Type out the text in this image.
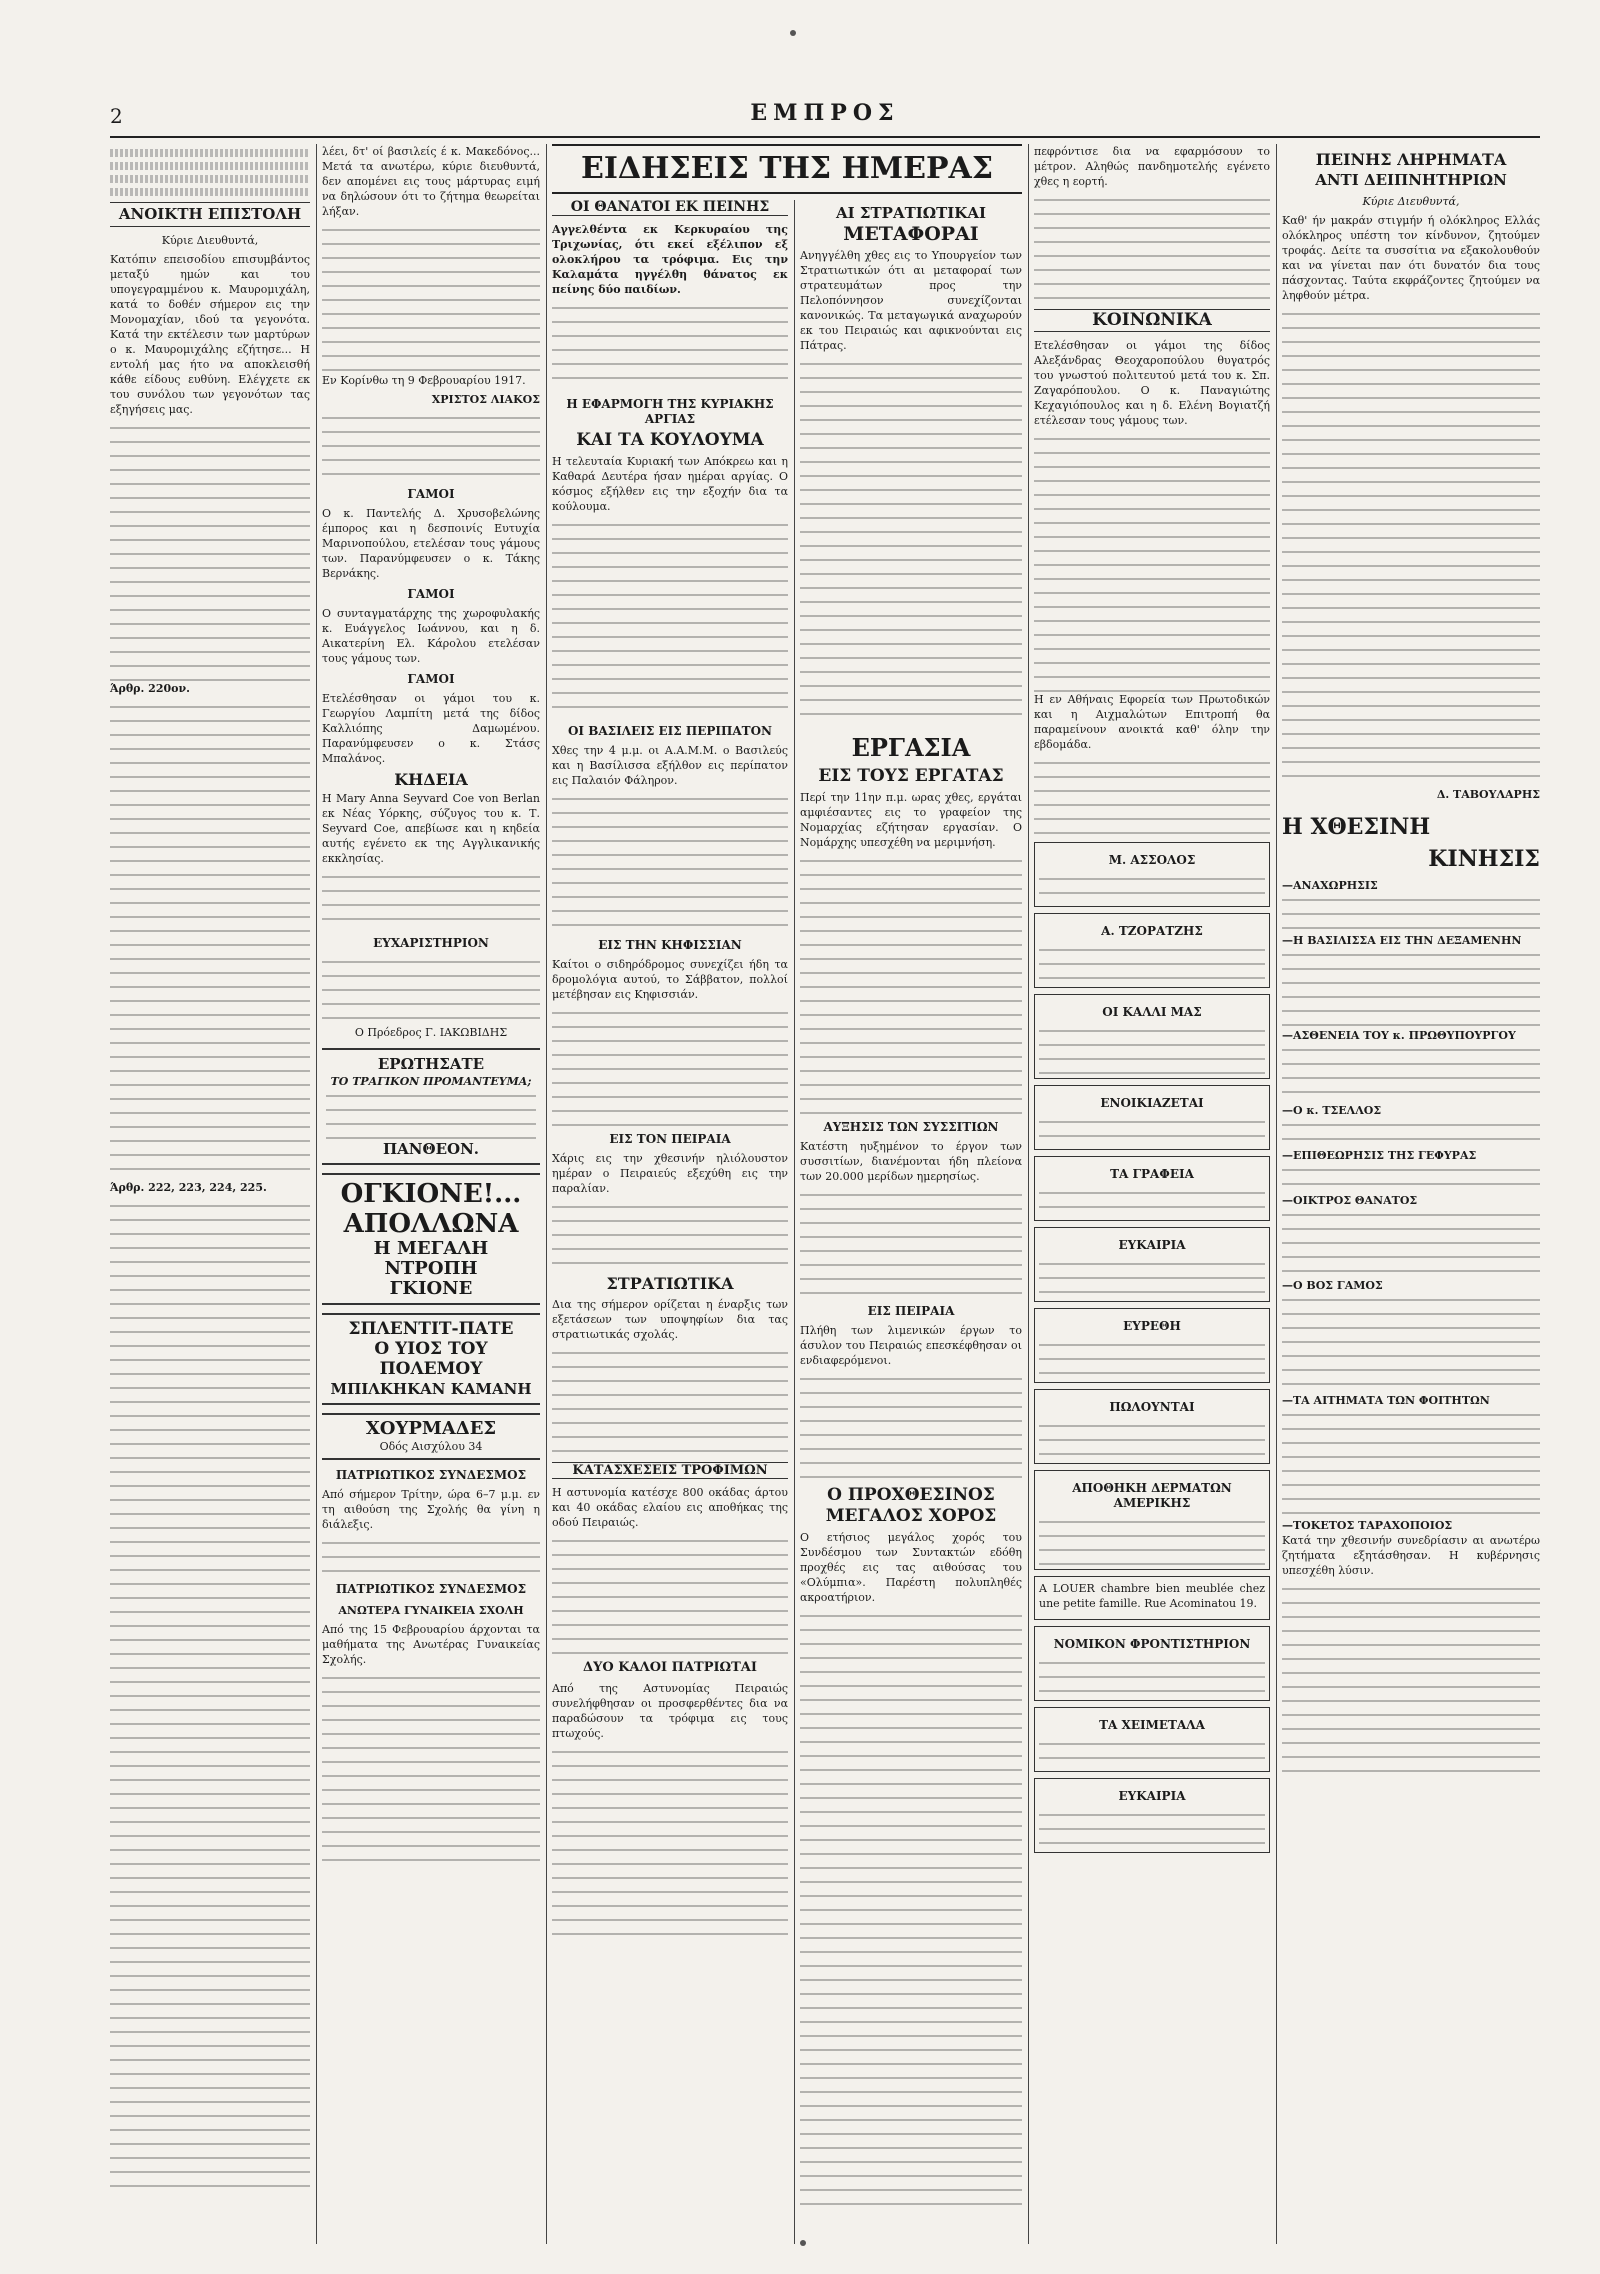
2	ΕΜΠΡΟΣ
ΑΝΟΙΚΤΗ ΕΠΙΣΤΟΛΗ

Κύριε Διευθυντά,

Κατόπιν επεισοδίου επισυμβάντος μεταξύ ημών και του υπογεγραμμένου κ. Μαυρομιχάλη, κατά το δοθέν σήμερον εις την Μονομαχίαν, ιδού τα γεγονότα. Κατά την εκτέλεσιν των μαρτύρων ο κ. Μαυρομιχάλης εζήτησε... Η εντολή μας ήτο να αποκλεισθή κάθε είδους ευθύνη. Ελέγχετε εκ του συνόλου των γεγονότων τας εξηγήσεις μας.

Άρθρ. 220ον.

Άρθρ. 222, 223, 224, 225.

λέει, δτ' οί βασιλείς έ κ. Μακεδόνος... Μετά τα ανωτέρω, κύριε διευθυντά, δεν απομένει εις τους μάρτυρας ειμή να δηλώσουν ότι το ζήτημα θεωρείται λήξαν.

Εν Κορίνθω τη 9 Φεβρουαρίου 1917.

ΧΡΙΣΤΟΣ ΛΙΑΚΟΣ

ΓΑΜΟΙ

Ο κ. Παντελής Δ. Χρυσοβελώνης έμπορος και η δεσποινίς Ευτυχία Μαρινοπούλου, ετελέσαν τους γάμους των. Παρανύμφευσεν ο κ. Τάκης Βερνάκης.

ΓΑΜΟΙ

Ο συνταγματάρχης της χωροφυλακής κ. Ευάγγελος Ιωάννου, και η δ. Αικατερίνη Ελ. Κάρολου ετελέσαν τους γάμους των.

ΓΑΜΟΙ

Ετελέσθησαν οι γάμοι του κ. Γεωργίου Λαμπίτη μετά της δίδος Καλλιόπης Δαμωμένου. Παρανύμφευσεν ο κ. Στάσς Μπαλάνος.

ΚΗΔΕΙΑ

Η Mary Anna Seyvard Coe von Berlan εκ Νέας Υόρκης, σύζυγος του κ. Τ. Seyvard Coe, απεβίωσε και η κηδεία αυτής εγένετο εκ της Αγγλικανικής εκκλησίας.

ΕΥΧΑΡΙΣΤΗΡΙΟΝ

Ο Πρόεδρος Γ. ΙΑΚΩΒΙΔΗΣ

ΕΡΩΤΗΣΑΤΕ
ΤΟ ΤΡΑΓΙΚΟΝ ΠΡΟΜΑΝΤΕΥΜΑ;
ΠΑΝΘΕΟΝ.
ΟΓΚΙΟΝΕ!...
ΑΠΟΛΛΩΝΑ
Η ΜΕΓΑΛΗ ΝΤΡΟΠΗ
ΓΚΙΟΝΕ
ΣΠΛΕΝΤΙΤ-ΠΑΤΕ
Ο ΥΙΟΣ ΤΟΥ ΠΟΛΕΜΟΥ
ΜΠΙΛΚΗΚΑΝ ΚΑΜΑΝΗ
ΧΟΥΡΜΑΔΕΣ
Οδός Αισχύλου 34
ΠΑΤΡΙΩΤΙΚΟΣ ΣΥΝΔΕΣΜΟΣ

Από σήμερον Τρίτην, ώρα 6–7 μ.μ. εν τη αιθούση της Σχολής θα γίνη η διάλεξις.

ΠΑΤΡΙΩΤΙΚΟΣ ΣΥΝΔΕΣΜΟΣ
ΑΝΩΤΕΡΑ ΓΥΝΑΙΚΕΙΑ ΣΧΟΛΗ

Από της 15 Φεβρουαρίου άρχονται τα μαθήματα της Ανωτέρας Γυναικείας Σχολής.

ΕΙΔΗΣΕΙΣ ΤΗΣ ΗΜΕΡΑΣ
ΟΙ ΘΑΝΑΤΟΙ ΕΚ ΠΕΙΝΗΣ

Αγγελθέντα εκ Κερκυραίου της Τριχωνίας, ότι εκεί εξέλιπον εξ ολοκλήρου τα τρόφιμα. Εις την Καλαμάτα ηγγέλθη θάνατος εκ πείνης δύο παιδίων.

Η ΕΦΑΡΜΟΓΗ ΤΗΣ ΚΥΡΙΑΚΗΣ ΑΡΓΙΑΣ
ΚΑΙ ΤΑ ΚΟΥΛΟΥΜΑ

Η τελευταία Κυριακή των Απόκρεω και η Καθαρά Δευτέρα ήσαν ημέραι αργίας. Ο κόσμος εξήλθεν εις την εξοχήν δια τα κούλουμα.

ΟΙ ΒΑΣΙΛΕΙΣ ΕΙΣ ΠΕΡΙΠΑΤΟΝ

Χθες την 4 μ.μ. οι Α.Α.Μ.Μ. ο Βασιλεύς και η Βασίλισσα εξήλθον εις περίπατον εις Παλαιόν Φάληρον.

ΕΙΣ ΤΗΝ ΚΗΦΙΣΣΙΑΝ

Καίτοι ο σιδηρόδρομος συνεχίζει ήδη τα δρομολόγια αυτού, το Σάββατον, πολλοί μετέβησαν εις Κηφισσιάν.

ΕΙΣ ΤΟΝ ΠΕΙΡΑΙΑ

Χάρις εις την χθεσινήν ηλιόλουστον ημέραν ο Πειραιεύς εξεχύθη εις την παραλίαν.

ΣΤΡΑΤΙΩΤΙΚΑ

Δια της σήμερον ορίζεται η έναρξις των εξετάσεων των υποψηφίων δια τας στρατιωτικάς σχολάς.

ΚΑΤΑΣΧΕΣΕΙΣ ΤΡΟΦΙΜΩΝ

Η αστυνομία κατέσχε 800 οκάδας άρτου και 40 οκάδας ελαίου εις αποθήκας της οδού Πειραιώς.

ΔΥΟ ΚΑΛΟΙ ΠΑΤΡΙΩΤΑΙ

Από της Αστυνομίας Πειραιώς συνελήφθησαν οι προσφερθέντες δια να παραδώσουν τα τρόφιμα εις τους πτωχούς.

ΑΙ ΣΤΡΑΤΙΩΤΙΚΑΙ
ΜΕΤΑΦΟΡΑΙ

Ανηγγέλθη χθες εις το Υπουργείον των Στρατιωτικών ότι αι μεταφοραί των στρατευμάτων προς την Πελοπόννησον συνεχίζονται κανονικώς. Τα μεταγωγικά αναχωρούν εκ του Πειραιώς και αφικνούνται εις Πάτρας.

ΕΡΓΑΣΙΑ
ΕΙΣ ΤΟΥΣ ΕΡΓΑΤΑΣ

Περί την 11ην π.μ. ωρας χθες, εργάται αμφιέσαντες εις το γραφείον της Νομαρχίας εζήτησαν εργασίαν. Ο Νομάρχης υπεσχέθη να μεριμνήση.

ΑΥΞΗΣΙΣ ΤΩΝ ΣΥΣΣΙΤΙΩΝ

Κατέστη ηυξημένον το έργον των συσσιτίων, διανέμονται ήδη πλείονα των 20.000 μερίδων ημερησίως.

ΕΙΣ ΠΕΙΡΑΙΑ

Πλήθη των λιμενικών έργων το άσυλον του Πειραιώς επεσκέφθησαν οι ενδιαφερόμενοι.

Ο ΠΡΟΧΘΕΣΙΝΟΣ
ΜΕΓΑΛΟΣ ΧΟΡΟΣ

Ο ετήσιος μεγάλος χορός του Συνδέσμου των Συντακτών εδόθη προχθές εις τας αιθούσας του «Ολύμπια». Παρέστη πολυπληθές ακροατήριον.

πεφρόντισε δια να εφαρμόσουν το μέτρον. Αληθώς πανδημοτελής εγένετο χθες η εορτή.

ΚΟΙΝΩΝΙΚΑ

Ετελέσθησαν οι γάμοι της δίδος Αλεξάνδρας Θεοχαροπούλου θυγατρός του γνωστού πολιτευτού μετά του κ. Σπ. Ζαγαρόπουλου. Ο κ. Παναγιώτης Κεχαγιόπουλος και η δ. Ελένη Βογιατζή ετέλεσαν τους γάμους των.

Η εν Αθήναις Εφορεία των Πρωτοδικών και η Αιχμαλώτων Επιτροπή θα παραμείνουν ανοικτά καθ' όλην την εβδομάδα.

Μ. ΑΣΣΟΛΟΣ
Α. ΤΖΟΡΑΤΖΗΣ
ΟΙ ΚΑΛΛΙ ΜΑΣ
ΕΝΟΙΚΙΑΖΕΤΑΙ
ΤΑ ΓΡΑΦΕΙΑ
ΕΥΚΑΙΡΙΑ
ΕΥΡΕΘΗ
ΠΩΛΟΥΝΤΑΙ
ΑΠΟΘΗΚΗ ΔΕΡΜΑΤΩΝ ΑΜΕΡΙΚΗΣ

A LOUER chambre bien meublée chez une petite famille. Rue Acominatou 19.

ΝΟΜΙΚΟΝ ΦΡΟΝΤΙΣΤΗΡΙΟΝ
ΤΑ ΧΕΙΜΕΤΑΛΑ
ΕΥΚΑΙΡΙΑ
ΠΕΙΝΗΣ ΛΗΡΗΜΑΤΑ
ΑΝΤΙ ΔΕΙΠΝΗΤΗΡΙΩΝ

Κύριε Διευθυντά,

Καθ' ήν μακράν στιγμήν ή ολόκληρος Ελλάς ολόκληρος υπέστη τον κίνδυνον, ζητούμεν τροφάς. Δείτε τα συσσίτια να εξακολουθούν και να γίνεται παν ότι δυνατόν δια τους πάσχοντας. Ταύτα εκφράζοντες ζητούμεν να ληφθούν μέτρα.

Δ. ΤΑΒΟΥΛΑΡΗΣ

Η ΧΘΕΣΙΝΗ
ΚΙΝΗΣΙΣ
—ΑΝΑΧΩΡΗΣΙΣ
—Η ΒΑΣΙΛΙΣΣΑ ΕΙΣ ΤΗΝ ΔΕΞΑΜΕΝΗΝ
—ΑΣΘΕΝΕΙΑ ΤΟΥ κ. ΠΡΩΘΥΠΟΥΡΓΟΥ
—Ο κ. ΤΣΕΛΛΟΣ
—ΕΠΙΘΕΩΡΗΣΙΣ ΤΗΣ ΓΕΦΥΡΑΣ
—ΟΙΚΤΡΟΣ ΘΑΝΑΤΟΣ
—Ο ΒΟΣ ΓΑΜΟΣ
—ΤΑ ΑΙΤΗΜΑΤΑ ΤΩΝ ΦΟΙΤΗΤΩΝ
—ΤΟΚΕΤΟΣ ΤΑΡΑΧΟΠΟΙΟΣ

Κατά την χθεσινήν συνεδρίασιν αι ανωτέρω ζητήματα εξητάσθησαν. Η κυβέρνησις υπεσχέθη λύσιν.
